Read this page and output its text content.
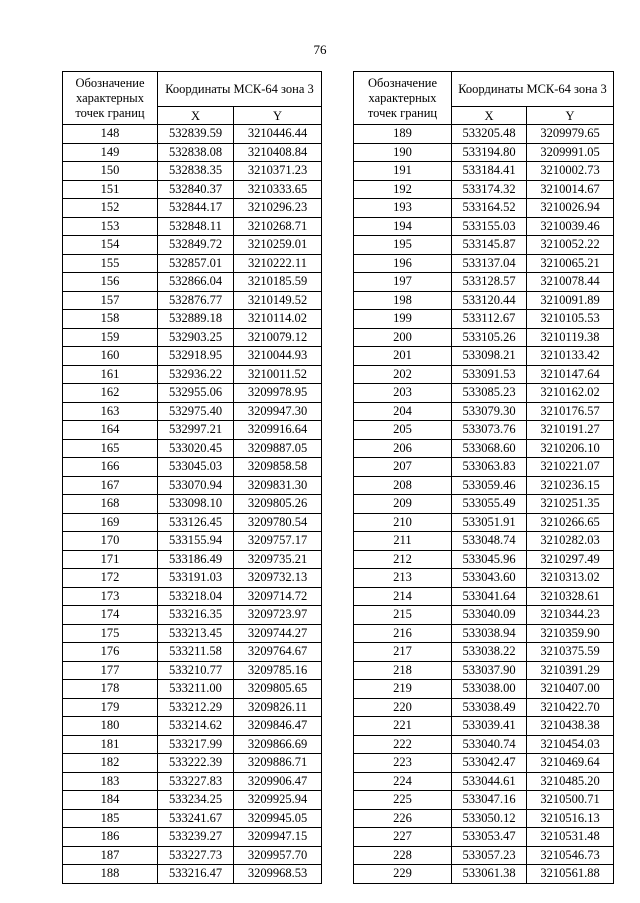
76
Обозначение характерных точек границ	Координаты МСК-64 зона 3	
	X	Y
148	532839.59	3210446.44
149	532838.08	3210408.84
150	532838.35	3210371.23
151	532840.37	3210333.65
152	532844.17	3210296.23
153	532848.11	3210268.71
154	532849.72	3210259.01
155	532857.01	3210222.11
156	532866.04	3210185.59
157	532876.77	3210149.52
158	532889.18	3210114.02
159	532903.25	3210079.12
160	532918.95	3210044.93
161	532936.22	3210011.52
162	532955.06	3209978.95
163	532975.40	3209947.30
164	532997.21	3209916.64
165	533020.45	3209887.05
166	533045.03	3209858.58
167	533070.94	3209831.30
168	533098.10	3209805.26
169	533126.45	3209780.54
170	533155.94	3209757.17
171	533186.49	3209735.21
172	533191.03	3209732.13
173	533218.04	3209714.72
174	533216.35	3209723.97
175	533213.45	3209744.27
176	533211.58	3209764.67
177	533210.77	3209785.16
178	533211.00	3209805.65
179	533212.29	3209826.11
180	533214.62	3209846.47
181	533217.99	3209866.69
182	533222.39	3209886.71
183	533227.83	3209906.47
184	533234.25	3209925.94
185	533241.67	3209945.05
186	533239.27	3209947.15
187	533227.73	3209957.70
188	533216.47	3209968.53
Обозначение характерных точек границ	Координаты МСК-64 зона 3	
	X	Y
189	533205.48	3209979.65
190	533194.80	3209991.05
191	533184.41	3210002.73
192	533174.32	3210014.67
193	533164.52	3210026.94
194	533155.03	3210039.46
195	533145.87	3210052.22
196	533137.04	3210065.21
197	533128.57	3210078.44
198	533120.44	3210091.89
199	533112.67	3210105.53
200	533105.26	3210119.38
201	533098.21	3210133.42
202	533091.53	3210147.64
203	533085.23	3210162.02
204	533079.30	3210176.57
205	533073.76	3210191.27
206	533068.60	3210206.10
207	533063.83	3210221.07
208	533059.46	3210236.15
209	533055.49	3210251.35
210	533051.91	3210266.65
211	533048.74	3210282.03
212	533045.96	3210297.49
213	533043.60	3210313.02
214	533041.64	3210328.61
215	533040.09	3210344.23
216	533038.94	3210359.90
217	533038.22	3210375.59
218	533037.90	3210391.29
219	533038.00	3210407.00
220	533038.49	3210422.70
221	533039.41	3210438.38
222	533040.74	3210454.03
223	533042.47	3210469.64
224	533044.61	3210485.20
225	533047.16	3210500.71
226	533050.12	3210516.13
227	533053.47	3210531.48
228	533057.23	3210546.73
229	533061.38	3210561.88
